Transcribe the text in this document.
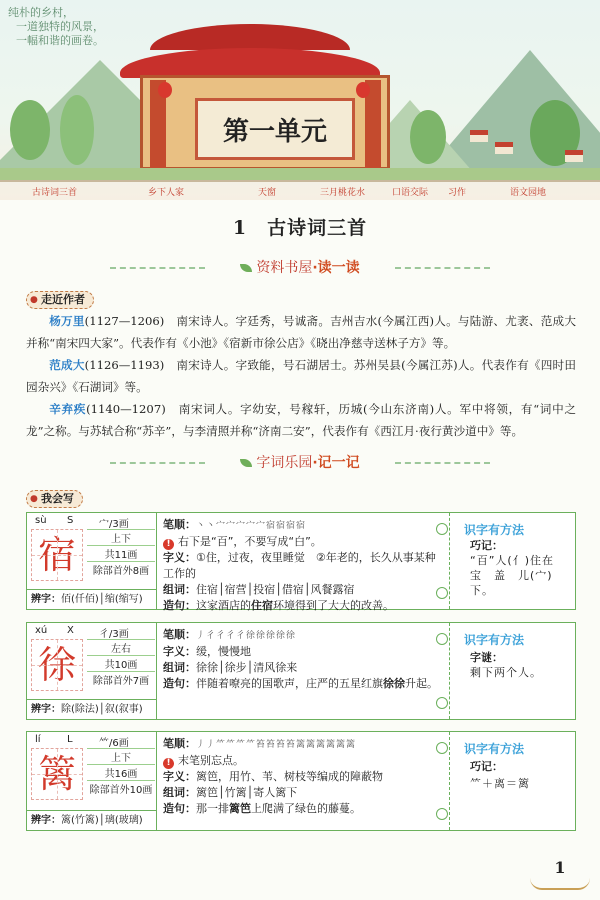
纯朴的乡村，
一道独特的风景，
一幅和谐的画卷。
第一单元
古诗词三首	乡下人家	天窗	三月桃花水	口语交际 习作	语文园地
1　 古诗词三首
资料书屋·读一读
● 走近作者

杨万里(1127—1206)　南宋诗人。字廷秀，号诚斋。吉州吉水(今属江西)人。与陆游、尤袤、范成大并称“南宋四大家”。代表作有《小池》《宿新市徐公店》《晓出净慈寺送林子方》等。

范成大(1126—1193)　南宋诗人。字致能，号石湖居士。苏州吴县(今属江苏)人。代表作有《四时田园杂兴》《石湖词》等。

辛弃疾(1140—1207)　南宋词人。字幼安，号稼轩，历城(今山东济南)人。军中将领，有“词中之龙”之称。与苏轼合称“苏辛”，与李清照并称“济南二安”，代表作有《西江月·夜行黄沙道中》等。

字词乐园·记一记
● 我会写
sù S	宀/3画
宿	上下
共11画
除部首外8画
辨字：佰(仟佰)│缩(缩写)
笔顺：丶丶宀宀宀宀宀宿宿宿宿
! 右下是“百”，不要写成“白”。
字义：①住，过夜，夜里睡觉　②年老的，长久从事某种工作的
组词：住宿│宿营│投宿│借宿│风餐露宿
造句：这家酒店的住宿环境得到了大大的改善。
识字有方法
巧记：
“百”人(亻)住在　宝　盖　儿(宀)下。
xú X	彳/3画
徐	左右
共10画
除部首外7画
辨字：除(除法)│叙(叙事)
笔顺：丿彳彳彳彳徐徐徐徐徐
字义：缓，慢慢地
组词：徐徐│徐步│清风徐来
造句：伴随着嘹亮的国歌声，庄严的五星红旗徐徐升起。
识字有方法
字谜：
剩下两个人。
lí	L	⺮/6画
篱	上下
共16画
除部首外10画
辨字：篱(竹篱)│璃(玻璃)
笔顺：丿丿⺮⺮⺮⺮笞笞笞笞篱篱篱篱篱篱
! 末笔别忘点。
字义：篱笆，用竹、苇、树枝等编成的障蔽物
组词：篱笆│竹篱│寄人篱下
造句：那一排篱笆上爬满了绿色的藤蔓。
识字有方法
巧记：
⺮＋离＝篱
1
